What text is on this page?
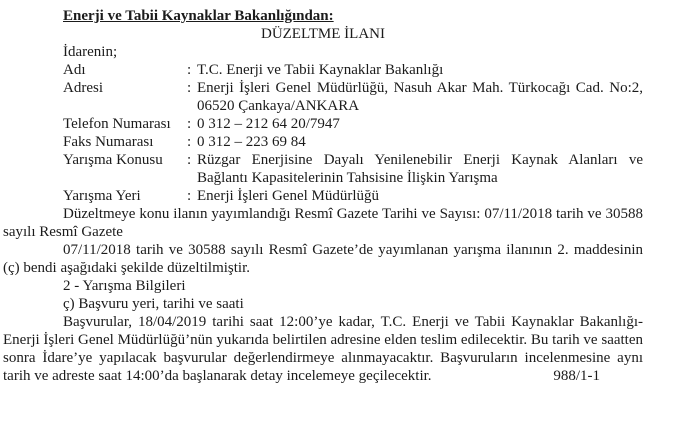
Enerji ve Tabii Kaynaklar Bakanlığından:
DÜZELTME İLANI
İdarenin;
Adı	: T.C. Enerji ve Tabii Kaynaklar Bakanlığı
Adresi	: Enerji İşleri Genel Müdürlüğü, Nasuh Akar Mah. Türkocağı Cad. No:2, 06520 Çankaya/ANKARA
Telefon Numarası	: 0 312 – 212 64 20/7947
Faks Numarası	: 0 312 – 223 69 84
Yarışma Konusu	: Rüzgar Enerjisine Dayalı Yenilenebilir Enerji Kaynak Alanları ve Bağlantı Kapasitelerinin Tahsisine İlişkin Yarışma
Yarışma Yeri	: Enerji İşleri Genel Müdürlüğü
Düzeltmeye konu ilanın yayımlandığı Resmî Gazete Tarihi ve Sayısı: 07/11/2018 tarih ve 30588 sayılı Resmî Gazete
07/11/2018 tarih ve 30588 sayılı Resmî Gazete’de yayımlanan yarışma ilanının 2. maddesinin (ç) bendi aşağıdaki şekilde düzeltilmiştir.
2 - Yarışma Bilgileri
ç) Başvuru yeri, tarihi ve saati
Başvurular, 18/04/2019 tarihi saat 12:00’ye kadar, T.C. Enerji ve Tabii Kaynaklar Bakanlığı- Enerji İşleri Genel Müdürlüğü’nün yukarıda belirtilen adresine elden teslim edilecektir. Bu tarih ve saatten sonra İdare’ye yapılacak başvurular değerlendirmeye alınmayacaktır. Başvuruların incelenmesine aynı tarih ve adreste saat 14:00’da başlanarak detay incelemeye geçilecektir.	988/1-1
